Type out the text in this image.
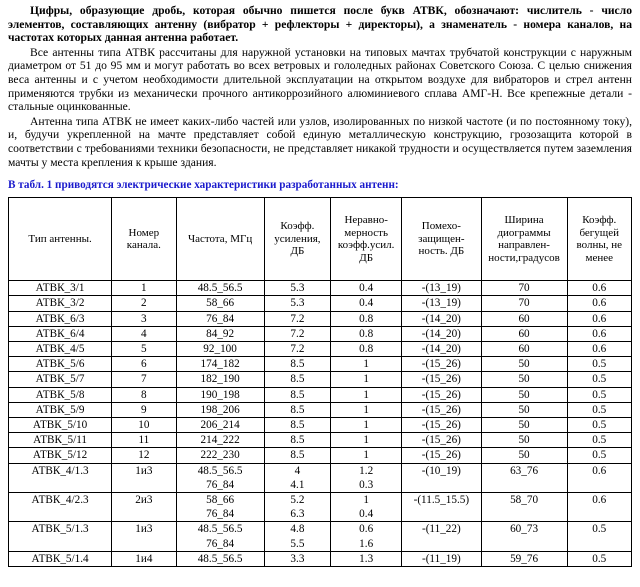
Цифры, образующие дробь, которая обычно пишется после букв АТВК, обозначают: числитель - число элементов, составляющих антенну (вибратор + рефлекторы + директоры), а знаменатель - номера каналов, на частотах которых данная антенна работает.

Все антенны типа АТВК рассчитаны для наружной установки на типовых мачтах трубчатой конструкции с наружным диаметром от 51 до 95 мм и могут работать во всех ветровых и гололедных районах Советского Союза. С целью снижения веса антенны и с учетом необходимости длительной эксплуатации на открытом воздухе для вибраторов и стрел антенн применяются трубки из механически прочного антикоррозийного алюминиевого сплава АМГ-Н. Все крепежные детали - стальные оцинкованные.

Антенна типа АТВК не имеет каких-либо частей или узлов, изолированных по низкой частоте (и по постоянному току), и, будучи укрепленной на мачте представляет собой единую металлическую конструкцию, грозозащита которой в соответствии с требованиями техники безопасности, не представляет никакой трудности и осуществляется путем заземления мачты у места крепления к крыше здания.

В табл. 1 приводятся электрические характеристики разработанных антенн:

Тип антенны.	Номер канала.	Частота, МГц	Коэфф. усиления, ДБ	Неравно- мерность коэфф.усил. ДБ	Помехо- защищен- ность. ДБ	Ширина диограммы направлен- ности,градусов	Коэфф. бегущей волны, не менее
АТВК_3/1	1	48.5_56.5	5.3	0.4	-(13_19)	70	0.6
АТВК_3/2	2	58_66	5.3	0.4	-(13_19)	70	0.6
АТВК_6/3	3	76_84	7.2	0.8	-(14_20)	60	0.6
АТВК_6/4	4	84_92	7.2	0.8	-(14_20)	60	0.6
АТВК_4/5	5	92_100	7.2	0.8	-(14_20)	60	0.6
АТВК_5/6	6	174_182	8.5	1	-(15_26)	50	0.5
АТВК_5/7	7	182_190	8.5	1	-(15_26)	50	0.5
АТВК_5/8	8	190_198	8.5	1	-(15_26)	50	0.5
АТВК_5/9	9	198_206	8.5	1	-(15_26)	50	0.5
АТВК_5/10	10	206_214	8.5	1	-(15_26)	50	0.5
АТВК_5/11	11	214_222	8.5	1	-(15_26)	50	0.5
АТВК_5/12	12	222_230	8.5	1	-(15_26)	50	0.5
АТВК_4/1.3	1и3	48.5_56.5	4	1.2	-(10_19)	63_76	0.6
		76_84	4.1	0.3			
АТВК_4/2.3	2и3	58_66	5.2	1	-(11.5_15.5)	58_70	0.6
		76_84	6.3	0.4			
АТВК_5/1.3	1и3	48.5_56.5	4.8	0.6	-(11_22)	60_73	0.5
		76_84	5.5	1.6			
АТВК_5/1.4	1и4	48.5_56.5	3.3	1.3	-(11_19)	59_76	0.5
